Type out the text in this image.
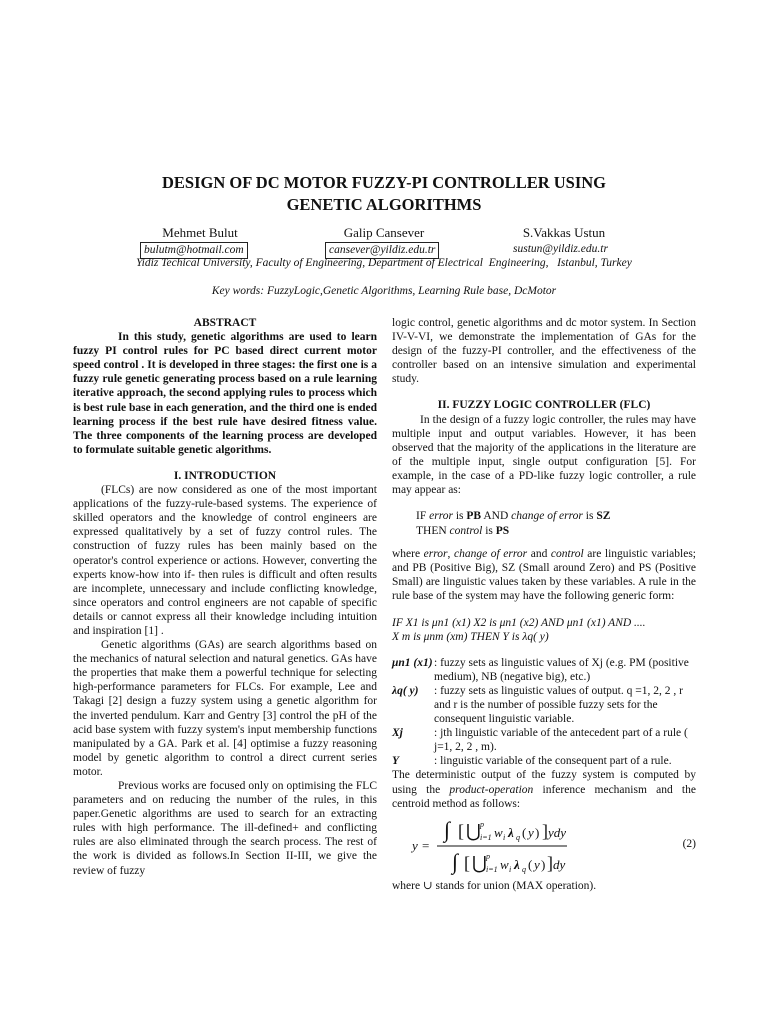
DESIGN OF DC MOTOR FUZZY-PI CONTROLLER USING
GENETIC ALGORITHMS
Mehmet Bulut	Galip Cansever	S.Vakkas Ustun
bulutm@hotmail.com	cansever@yildiz.edu.tr	sustun@yildiz.edu.tr
Yidiz Techical University, Faculty of Engineering, Department of Electrical  Engineering,   Istanbul, Turkey
Key words: FuzzyLogic,Genetic Algorithms, Learning Rule base, DcMotor
ABSTRACT

In this study, genetic algorithms are used to learn fuzzy PI control rules for PC based direct current motor speed control . It is developed in three stages: the first one is a fuzzy rule genetic generating process based on a rule learning iterative approach, the second applying rules to process which is best rule base in each generation, and the third one is ended learning process if the best rule have desired fitness value. The three components of the learning process are developed to formulate suitable genetic algorithms.

I. INTRODUCTION

(FLCs) are now considered as one of the most important applications of the fuzzy-rule-based systems. The experience of skilled operators and the knowledge of control engineers are expressed qualitatively by a set of fuzzy control rules. The construction of fuzzy rules has been mainly based on the operator's control experience or actions. However, converting the experts know-how into if- then rules is difficult and often results are incomplete, unnecessary and include conflicting knowledge, since operators and control engineers are not capable of specific details or cannot express all their knowledge including intuition and inspiration [1] .

Genetic algorithms (GAs) are search algorithms based on the mechanics of natural selection and natural genetics. GAs have the properties that make them a powerful technique for selecting high-performance parameters for FLCs. For example, Lee and Takagi [2] design a fuzzy system using a genetic algorithm for the inverted pendulum. Karr and Gentry [3] control the pH of the acid base system with fuzzy system's input membership functions manipulated by a GA. Park et al. [4] optimise a fuzzy reasoning model by genetic algorithm to control a direct current series motor.

Previous works are focused only on optimising the FLC parameters and on reducing the number of the rules, in this paper.Genetic algorithms are used to search for an extracting rules with high performance. The ill-defined+ and conflicting rules are also eliminated through the search process. The rest of the work is divided as follows.In Section II-III, we give the review of fuzzy

logic control, genetic algorithms and dc motor system. In Section IV-V-VI, we demonstrate the implementation of GAs for the design of the fuzzy-PI controller, and the effectiveness of the controller based on an intensive simulation and experimental study.

II. FUZZY LOGIC CONTROLLER (FLC)

In the design of a fuzzy logic controller, the rules may have multiple input and output variables. However, it has been observed that the majority of the applications in the literature are of the multiple input, single output configuration [5]. For example, in the case of a PD-like fuzzy logic controller, a rule may appear as:

IF error is PB AND change of error is SZ
THEN control is PS

where error, change of error and control are linguistic variables; and PB (Positive Big), SZ (Small around Zero) and PS (Positive Small) are linguistic values taken by these variables. A rule in the rule base of the system may have the following generic form:

IF X1 is μn1 (x1) X2 is μn1 (x2) AND μn1 (x1) AND ....
X m is μnm (xm) THEN Y is λq( y)

μn1 (x1) : fuzzy sets as linguistic values of Xj (e.g. PM (positive medium), NB (negative big), etc.)
λq( y)	: fuzzy sets as linguistic values of output. q =1, 2, 2 , r and r is the number of possible fuzzy sets for the consequent linguistic variable.
Xj	: jth linguistic variable of the antecedent part of a rule ( j=1, 2, 2 , m).
Y	: linguistic variable of the consequent part of a rule.

The deterministic output of the fuzzy system is computed by using the product-operation inference mechanism and the centroid method as follows:

y =
∫ [ ⋃ p
i=1 w i λ q ( y ) ] ydy
∫ [ ⋃ p
i=1 w i λ q ( y ) ] dy
(2)

where ∪ stands for union (MAX operation).
